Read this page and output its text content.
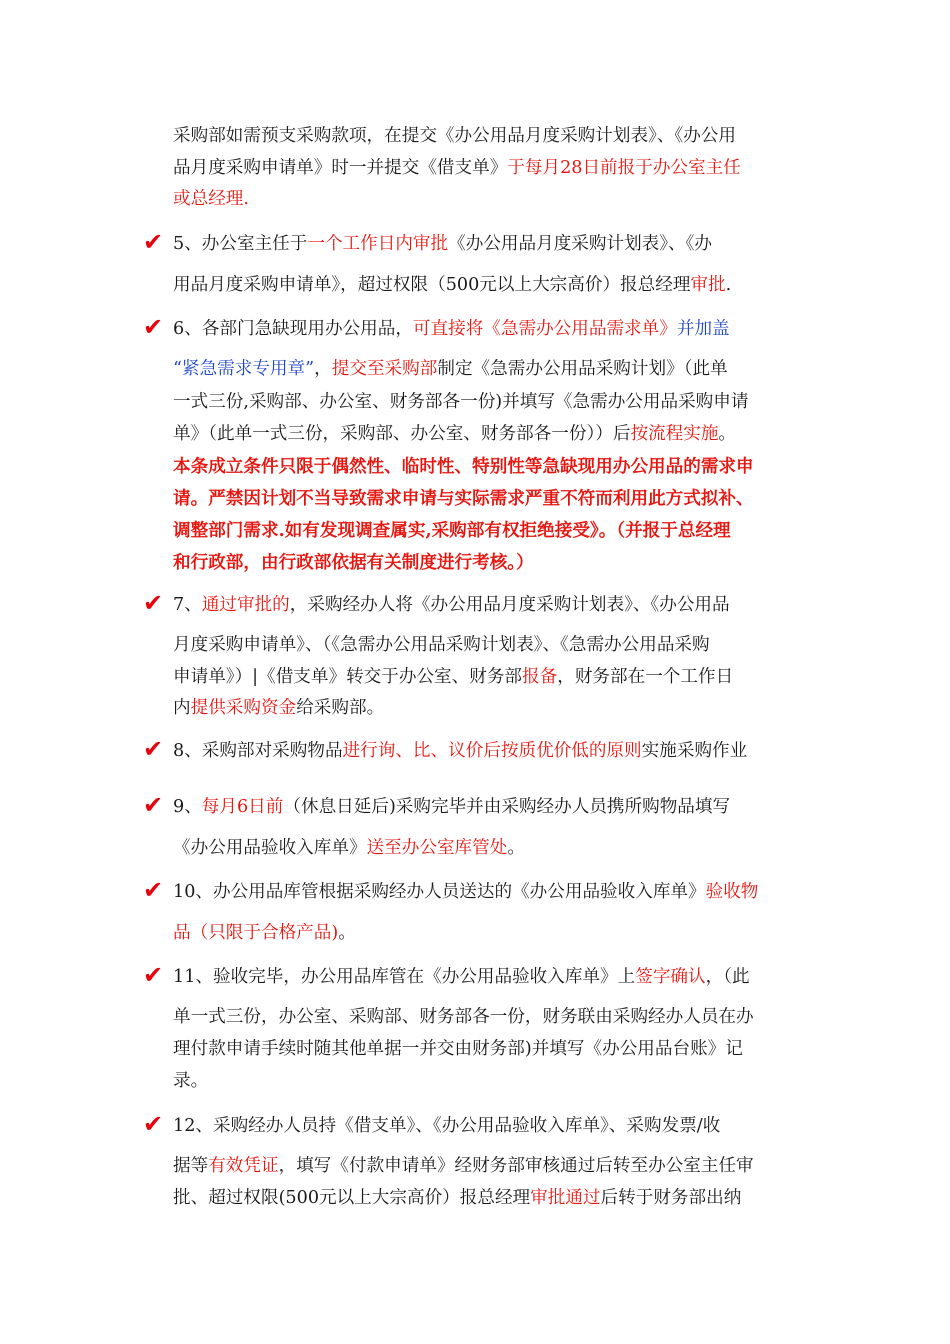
采购部如需预支采购款项，在提交《办公用品月度采购计划表》、《办公用
品月度采购申请单》时一并提交《借支单》于每月28日前报于办公室主任
或总经理.
✔ 5、办公室主任于一个工作日内审批《办公用品月度采购计划表》、《办
用品月度采购申请单》，超过权限（500元以上大宗高价）报总经理审批.
✔ 6、各部门急缺现用办公用品，可直接将《急需办公用品需求单》并加盖
“紧急需求专用章”，提交至采购部制定《急需办公用品采购计划》（此单
一式三份,采购部、办公室、财务部各一份)并填写《急需办公用品采购申请
单》（此单一式三份，采购部、办公室、财务部各一份））后按流程实施。
本条成立条件只限于偶然性、临时性、特别性等急缺现用办公用品的需求申
请。严禁因计划不当导致需求申请与实际需求严重不符而利用此方式拟补、
调整部门需求.如有发现调查属实,采购部有权拒绝接受》。（并报于总经理
和行政部，由行政部依据有关制度进行考核。）
✔ 7、通过审批的，采购经办人将《办公用品月度采购计划表》、《办公用品
月度采购申请单》、（《急需办公用品采购计划表》、《急需办公用品采购
申请单》）|《借支单》转交于办公室、财务部报备，财务部在一个工作日
内提供采购资金给采购部。
✔ 8、采购部对采购物品进行询、比、议价后按质优价低的原则实施采购作业
✔ 9、每月6日前（休息日延后)采购完毕并由采购经办人员携所购物品填写
《办公用品验收入库单》送至办公室库管处。
✔ 10、办公用品库管根据采购经办人员送达的《办公用品验收入库单》验收物
品（只限于合格产品)。
✔ 11、验收完毕，办公用品库管在《办公用品验收入库单》上签字确认，（此
单一式三份，办公室、采购部、财务部各一份，财务联由采购经办人员在办
理付款申请手续时随其他单据一并交由财务部)并填写《办公用品台账》记
录。
✔ 12、采购经办人员持《借支单》、《办公用品验收入库单》、采购发票/收
据等有效凭证，填写《付款申请单》经财务部审核通过后转至办公室主任审
批、超过权限(500元以上大宗高价）报总经理审批通过后转于财务部出纳
